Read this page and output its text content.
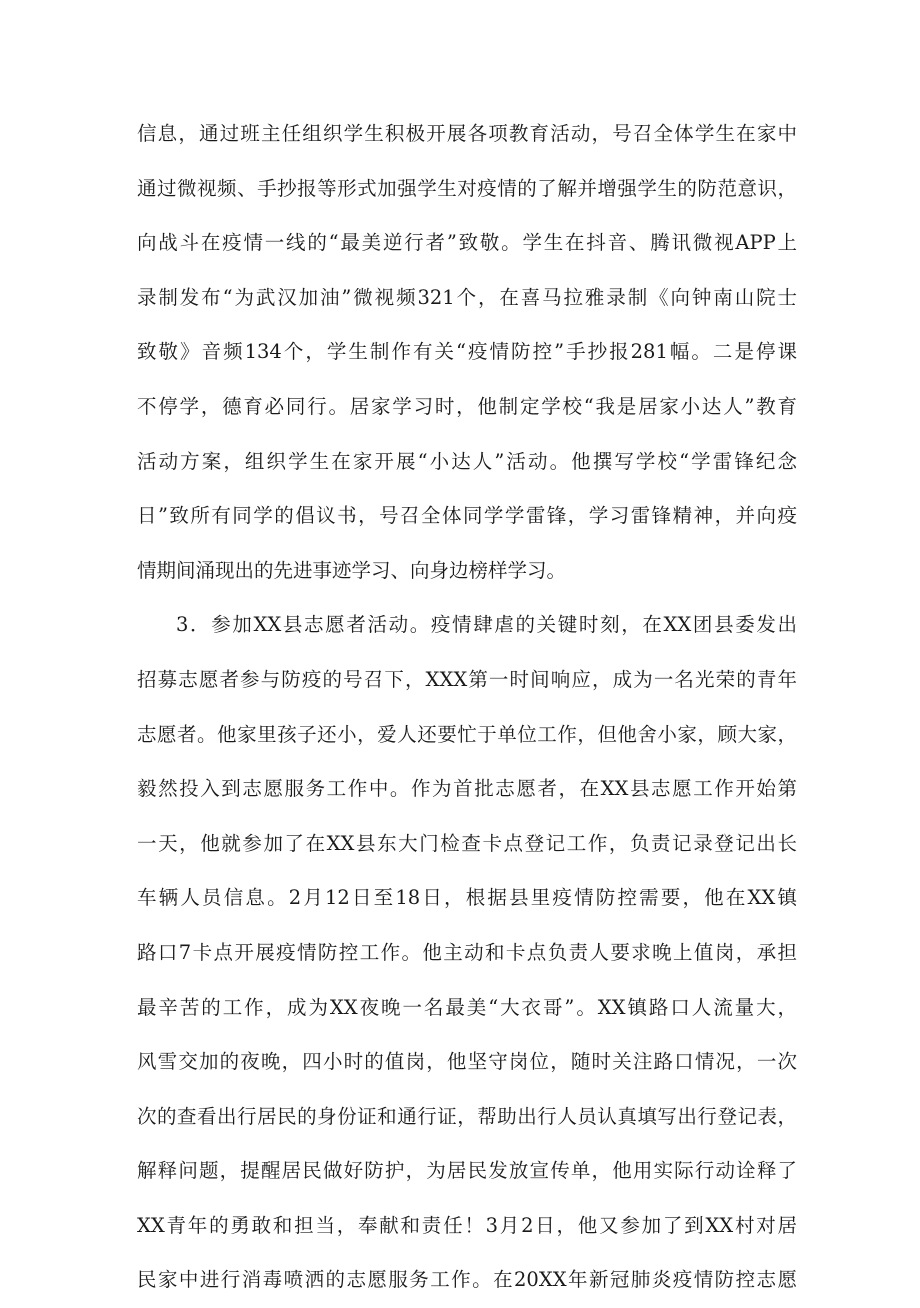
信息，通过班主任组织学生积极开展各项教育活动，号召全体学生在家中
通过微视频、手抄报等形式加强学生对疫情的了解并增强学生的防范意识，
向战斗在疫情一线的“最美逆行者”致敬。学生在抖音、腾讯微视APP上
录制发布“为武汉加油”微视频321个，在喜马拉雅录制《向钟南山院士
致敬》音频134个，学生制作有关“疫情防控”手抄报281幅。二是停课
不停学，德育必同行。居家学习时，他制定学校“我是居家小达人”教育
活动方案，组织学生在家开展“小达人”活动。他撰写学校“学雷锋纪念
日”致所有同学的倡议书，号召全体同学学雷锋，学习雷锋精神，并向疫
情期间涌现出的先进事迹学习、向身边榜样学习。
3．参加XX县志愿者活动。疫情肆虐的关键时刻，在XX团县委发出
招募志愿者参与防疫的号召下，XXX第一时间响应，成为一名光荣的青年
志愿者。他家里孩子还小，爱人还要忙于单位工作，但他舍小家，顾大家，
毅然投入到志愿服务工作中。作为首批志愿者，在XX县志愿工作开始第
一天，他就参加了在XX县东大门检查卡点登记工作，负责记录登记出长
车辆人员信息。2月12日至18日，根据县里疫情防控需要，他在XX镇
路口7卡点开展疫情防控工作。他主动和卡点负责人要求晚上值岗，承担
最辛苦的工作，成为XX夜晚一名最美“大衣哥”。XX镇路口人流量大，
风雪交加的夜晚，四小时的值岗，他坚守岗位，随时关注路口情况，一次
次的查看出行居民的身份证和通行证，帮助出行人员认真填写出行登记表，
解释问题，提醒居民做好防护，为居民发放宣传单，他用实际行动诠释了
XX青年的勇敢和担当，奉献和责任！3月2日，他又参加了到XX村对居
民家中进行消毒喷洒的志愿服务工作。在20XX年新冠肺炎疫情防控志愿
